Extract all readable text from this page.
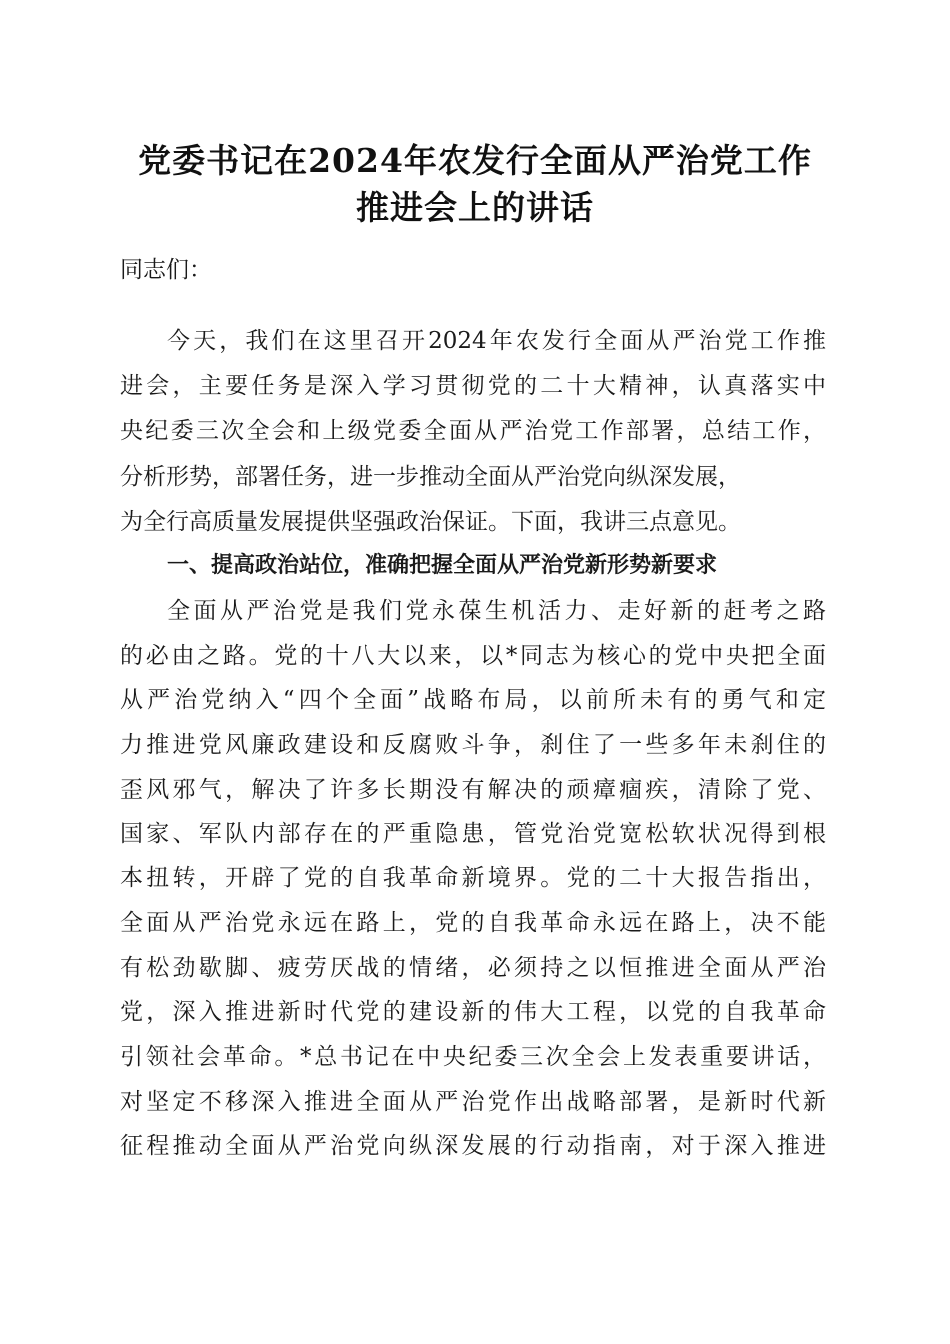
党委书记在2024年农发行全面从严治党工作
推进会上的讲话
同志们：
今天，我们在这里召开2024年农发行全面从严治党工作推
进会，主要任务是深入学习贯彻党的二十大精神，认真落实中
央纪委三次全会和上级党委全面从严治党工作部署，总结工作，
分析形势，部署任务，进一步推动全面从严治党向纵深发展，
为全行高质量发展提供坚强政治保证。下面，我讲三点意见。
一、提高政治站位，准确把握全面从严治党新形势新要求
全面从严治党是我们党永葆生机活力、走好新的赶考之路
的必由之路。党的十八大以来，以*同志为核心的党中央把全面
从严治党纳入“四个全面”战略布局，以前所未有的勇气和定
力推进党风廉政建设和反腐败斗争，刹住了一些多年未刹住的
歪风邪气，解决了许多长期没有解决的顽瘴痼疾，清除了党、
国家、军队内部存在的严重隐患，管党治党宽松软状况得到根
本扭转，开辟了党的自我革命新境界。党的二十大报告指出，
全面从严治党永远在路上，党的自我革命永远在路上，决不能
有松劲歇脚、疲劳厌战的情绪，必须持之以恒推进全面从严治
党，深入推进新时代党的建设新的伟大工程，以党的自我革命
引领社会革命。*总书记在中央纪委三次全会上发表重要讲话，
对坚定不移深入推进全面从严治党作出战略部署，是新时代新
征程推动全面从严治党向纵深发展的行动指南，对于深入推进
